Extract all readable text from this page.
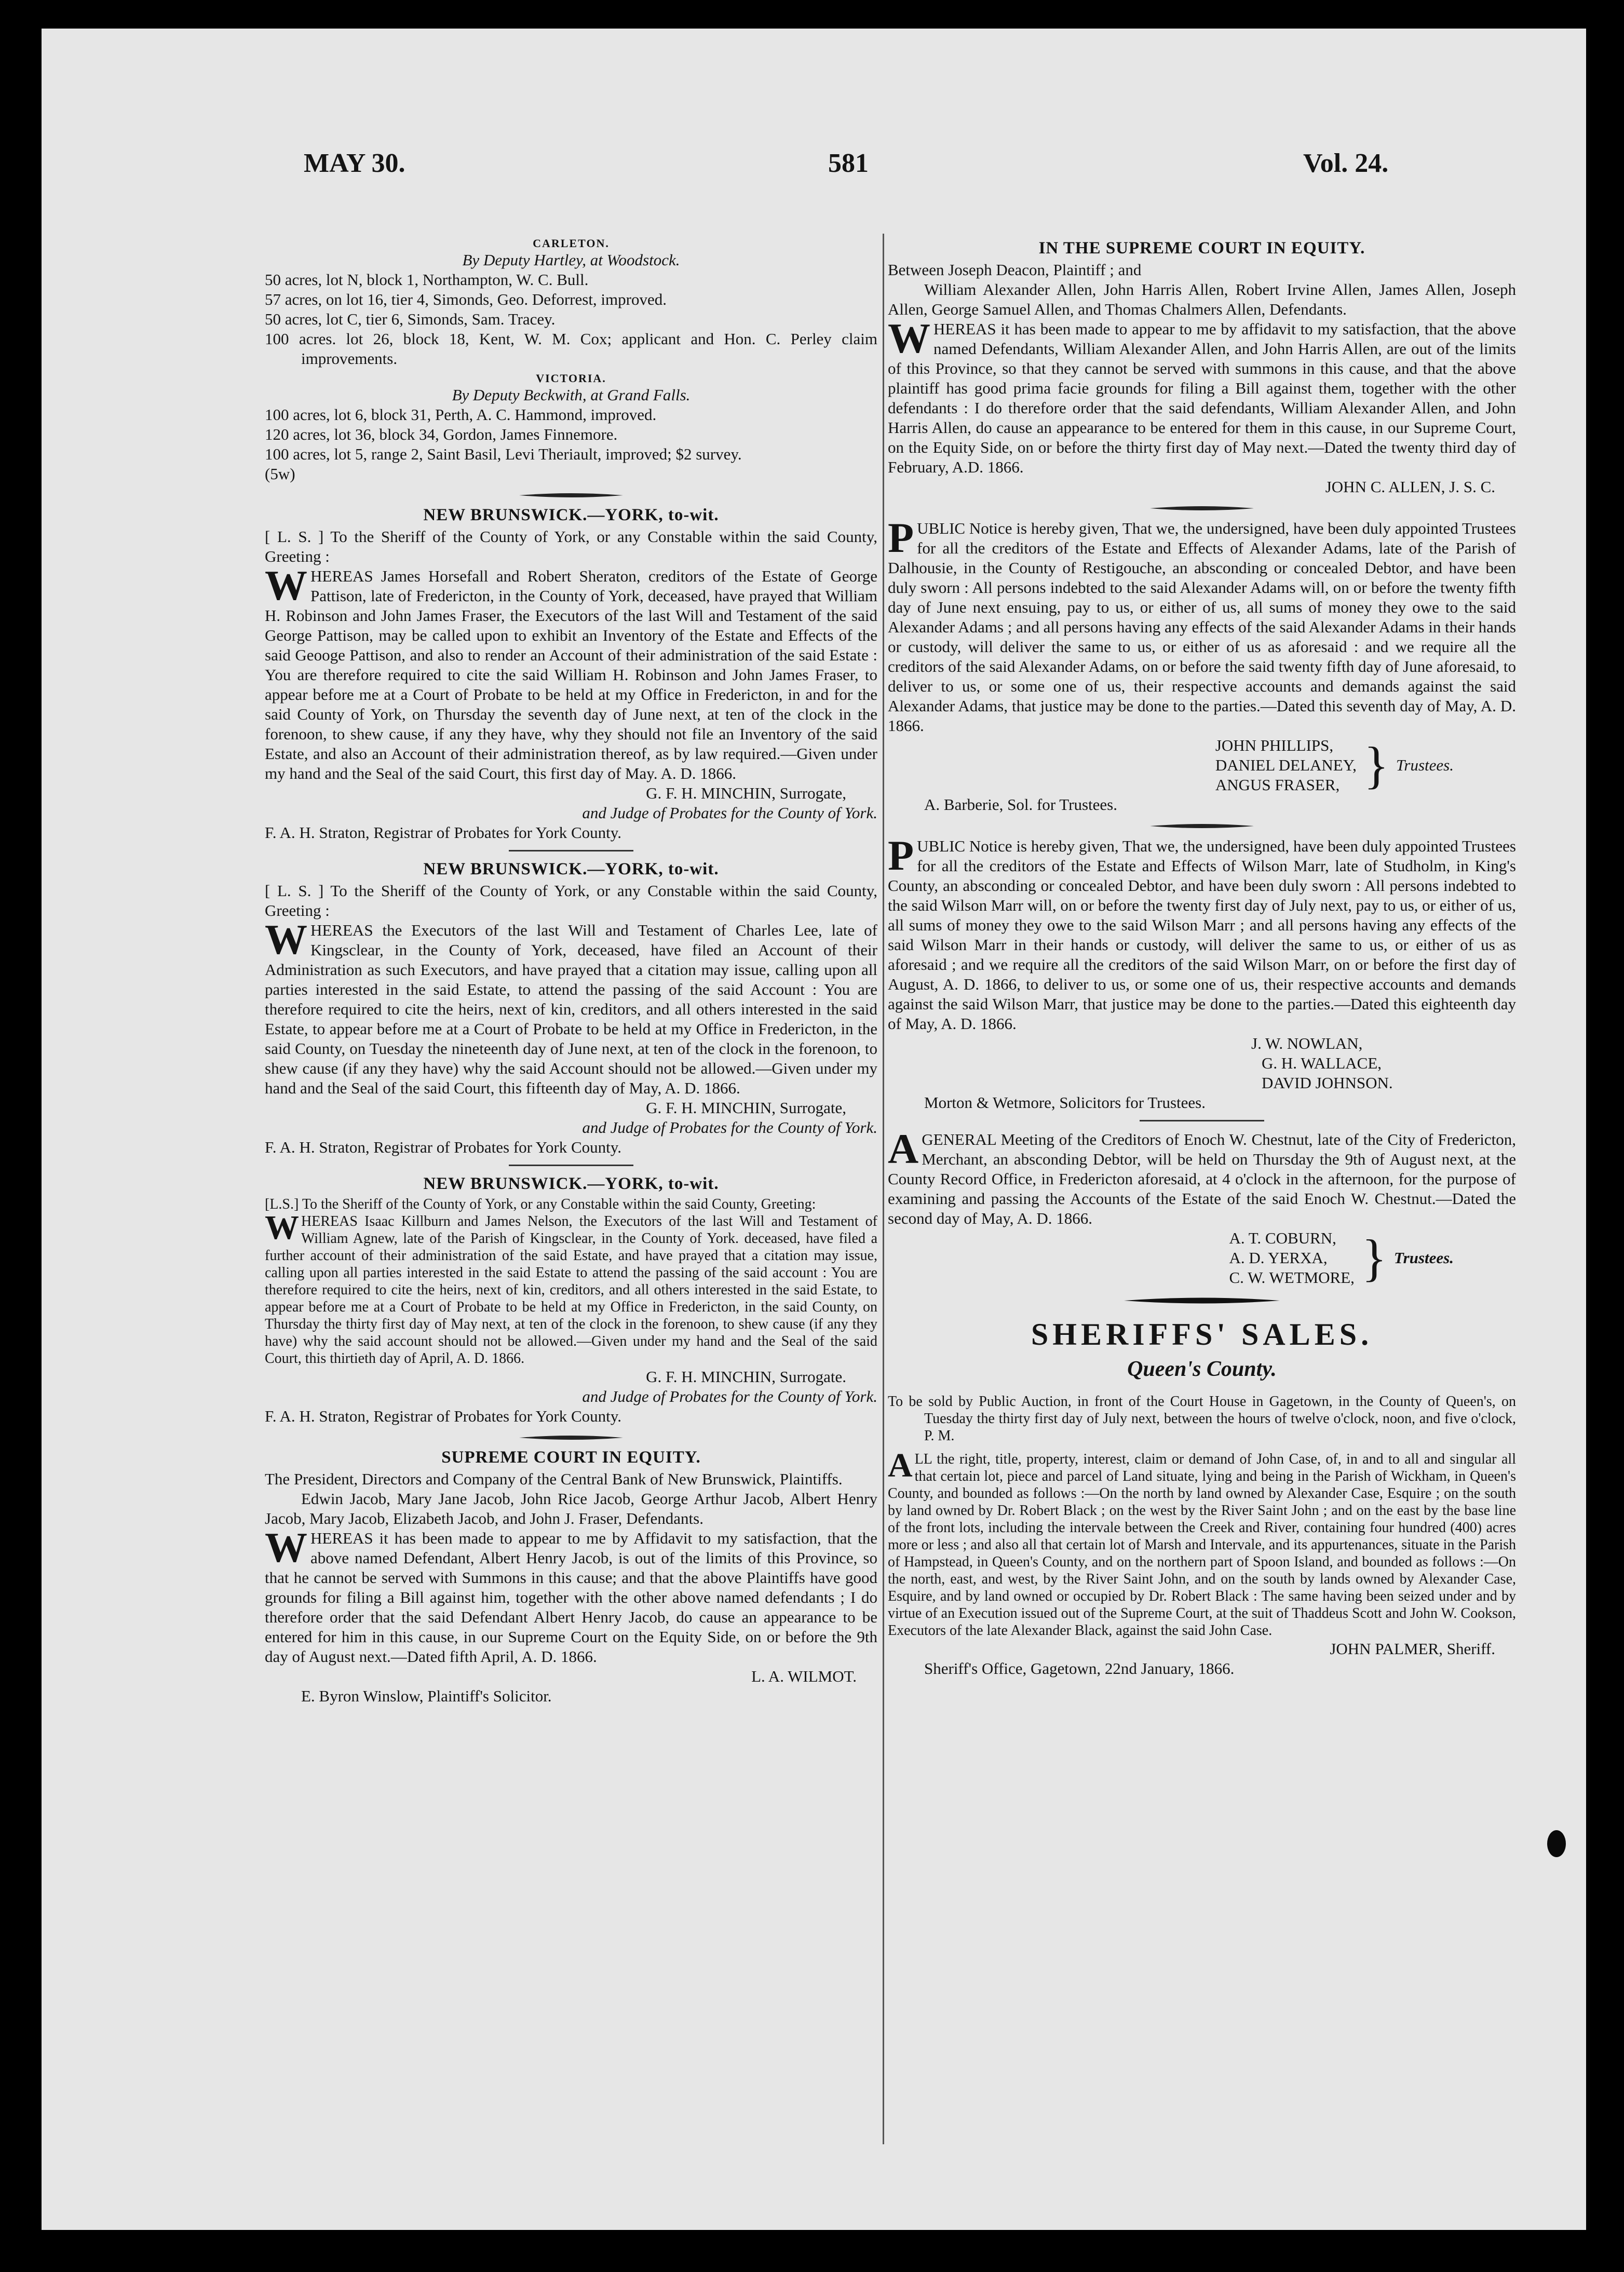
MAY 30.	581	Vol. 24.

CARLETON.

By Deputy Hartley, at Woodstock.

50 acres, lot N, block 1, Northampton, W. C. Bull.

57 acres, on lot 16, tier 4, Simonds, Geo. Deforrest, improved.

50 acres, lot C, tier 6, Simonds, Sam. Tracey.

100 acres. lot 26, block 18, Kent, W. M. Cox; applicant and Hon. C. Perley claim improvements.

VICTORIA.

By Deputy Beckwith, at Grand Falls.

100 acres, lot 6, block 31, Perth, A. C. Hammond, improved.

120 acres, lot 36, block 34, Gordon, James Finnemore.

100 acres, lot 5, range 2, Saint Basil, Levi Theriault, improved; $2 survey.

(5w)

NEW BRUNSWICK.—YORK, to-wit.

[ L. S. ] To the Sheriff of the County of York, or any Constable within the said County, Greeting :

WHEREAS James Horsefall and Robert Sheraton, creditors of the Estate of George Pattison, late of Fredericton, in the County of York, deceased, have prayed that William H. Robinson and John James Fraser, the Executors of the last Will and Testament of the said George Pattison, may be called upon to exhibit an Inventory of the Estate and Effects of the said Geooge Pattison, and also to render an Account of their administration of the said Estate : You are therefore required to cite the said William H. Robinson and John James Fraser, to appear before me at a Court of Probate to be held at my Office in Fredericton, in and for the said County of York, on Thursday the seventh day of June next, at ten of the clock in the forenoon, to shew cause, if any they have, why they should not file an Inventory of the said Estate, and also an Account of their administration thereof, as by law required.—Given under my hand and the Seal of the said Court, this first day of May. A. D. 1866.

G. F. H. MINCHIN, Surrogate,

and Judge of Probates for the County of York.

F. A. H. Straton, Registrar of Probates for York County.

NEW BRUNSWICK.—YORK, to-wit.

[ L. S. ] To the Sheriff of the County of York, or any Constable within the said County, Greeting :

WHEREAS the Executors of the last Will and Testament of Charles Lee, late of Kingsclear, in the County of York, deceased, have filed an Account of their Administration as such Executors, and have prayed that a citation may issue, calling upon all parties interested in the said Estate, to attend the passing of the said Account : You are therefore required to cite the heirs, next of kin, creditors, and all others interested in the said Estate, to appear before me at a Court of Probate to be held at my Office in Fredericton, in the said County, on Tuesday the nineteenth day of June next, at ten of the clock in the forenoon, to shew cause (if any they have) why the said Account should not be allowed.—Given under my hand and the Seal of the said Court, this fifteenth day of May, A. D. 1866.

G. F. H. MINCHIN, Surrogate,

and Judge of Probates for the County of York.

F. A. H. Straton, Registrar of Probates for York County.

NEW BRUNSWICK.—YORK, to-wit.

[L.S.] To the Sheriff of the County of York, or any Constable within the said County, Greeting:

WHEREAS Isaac Killburn and James Nelson, the Executors of the last Will and Testament of William Agnew, late of the Parish of Kingsclear, in the County of York. deceased, have filed a further account of their administration of the said Estate, and have prayed that a citation may issue, calling upon all parties interested in the said Estate to attend the passing of the said account : You are therefore required to cite the heirs, next of kin, creditors, and all others interested in the said Estate, to appear before me at a Court of Probate to be held at my Office in Fredericton, in the said County, on Thursday the thirty first day of May next, at ten of the clock in the forenoon, to shew cause (if any they have) why the said account should not be allowed.—Given under my hand and the Seal of the said Court, this thirtieth day of April, A. D. 1866.

G. F. H. MINCHIN, Surrogate.

and Judge of Probates for the County of York.

F. A. H. Straton, Registrar of Probates for York County.

SUPREME COURT IN EQUITY.

The President, Directors and Company of the Central Bank of New Brunswick, Plaintiffs.

Edwin Jacob, Mary Jane Jacob, John Rice Jacob, George Arthur Jacob, Albert Henry Jacob, Mary Jacob, Elizabeth Jacob, and John J. Fraser, Defendants.

WHEREAS it has been made to appear to me by Affidavit to my satisfaction, that the above named Defendant, Albert Henry Jacob, is out of the limits of this Province, so that he cannot be served with Summons in this cause; and that the above Plaintiffs have good grounds for filing a Bill against him, together with the other above named defendants ; I do therefore order that the said Defendant Albert Henry Jacob, do cause an appearance to be entered for him in this cause, in our Supreme Court on the Equity Side, on or before the 9th day of August next.—Dated fifth April, A. D. 1866.

L. A. WILMOT.

E. Byron Winslow, Plaintiff's Solicitor.

IN THE SUPREME COURT IN EQUITY.

Between Joseph Deacon, Plaintiff ; and

William Alexander Allen, John Harris Allen, Robert Irvine Allen, James Allen, Joseph Allen, George Samuel Allen, and Thomas Chalmers Allen, Defendants.

WHEREAS it has been made to appear to me by affidavit to my satisfaction, that the above named Defendants, William Alexander Allen, and John Harris Allen, are out of the limits of this Province, so that they cannot be served with summons in this cause, and that the above plaintiff has good prima facie grounds for filing a Bill against them, together with the other defendants : I do therefore order that the said defendants, William Alexander Allen, and John Harris Allen, do cause an appearance to be entered for them in this cause, in our Supreme Court, on the Equity Side, on or before the thirty first day of May next.—Dated the twenty third day of February, A.D. 1866.

JOHN C. ALLEN, J. S. C.

PUBLIC Notice is hereby given, That we, the undersigned, have been duly appointed Trustees for all the creditors of the Estate and Effects of Alexander Adams, late of the Parish of Dalhousie, in the County of Restigouche, an absconding or concealed Debtor, and have been duly sworn : All persons indebted to the said Alexander Adams will, on or before the twenty fifth day of June next ensuing, pay to us, or either of us, all sums of money they owe to the said Alexander Adams ; and all persons having any effects of the said Alexander Adams in their hands or custody, will deliver the same to us, or either of us as aforesaid : and we require all the creditors of the said Alexander Adams, on or before the said twenty fifth day of June aforesaid, to deliver to us, or some one of us, their respective accounts and demands against the said Alexander Adams, that justice may be done to the parties.—Dated this seventh day of May, A. D. 1866.

JOHN PHILLIPS,

DANIEL DELANEY,

ANGUS FRASER, } Trustees.

A. Barberie, Sol. for Trustees.

PUBLIC Notice is hereby given, That we, the undersigned, have been duly appointed Trustees for all the creditors of the Estate and Effects of Wilson Marr, late of Studholm, in King's County, an absconding or concealed Debtor, and have been duly sworn : All persons indebted to the said Wilson Marr will, on or before the twenty first day of July next, pay to us, or either of us, all sums of money they owe to the said Wilson Marr ; and all persons having any effects of the said Wilson Marr in their hands or custody, will deliver the same to us, or either of us as aforesaid ; and we require all the creditors of the said Wilson Marr, on or before the first day of August, A. D. 1866, to deliver to us, or some one of us, their respective accounts and demands against the said Wilson Marr, that justice may be done to the parties.—Dated this eighteenth day of May, A. D. 1866.

J. W. NOWLAN,

G. H. WALLACE,

DAVID JOHNSON.

Morton & Wetmore, Solicitors for Trustees.

AGENERAL Meeting of the Creditors of Enoch W. Chestnut, late of the City of Fredericton, Merchant, an absconding Debtor, will be held on Thursday the 9th of August next, at the County Record Office, in Fredericton aforesaid, at 4 o'clock in the afternoon, for the purpose of examining and passing the Accounts of the Estate of the said Enoch W. Chestnut.—Dated the second day of May, A. D. 1866.

A. T. COBURN,

A. D. YERXA,

C. W. WETMORE, } Trustees.

SHERIFFS' SALES.

Queen's County.

To be sold by Public Auction, in front of the Court House in Gagetown, in the County of Queen's, on Tuesday the thirty first day of July next, between the hours of twelve o'clock, noon, and five o'clock, P. M.

ALL the right, title, property, interest, claim or demand of John Case, of, in and to all and singular all that certain lot, piece and parcel of Land situate, lying and being in the Parish of Wickham, in Queen's County, and bounded as follows :—On the north by land owned by Alexander Case, Esquire ; on the south by land owned by Dr. Robert Black ; on the west by the River Saint John ; and on the east by the base line of the front lots, including the intervale between the Creek and River, containing four hundred (400) acres more or less ; and also all that certain lot of Marsh and Intervale, and its appurtenances, situate in the Parish of Hampstead, in Queen's County, and on the northern part of Spoon Island, and bounded as follows :—On the north, east, and west, by the River Saint John, and on the south by lands owned by Alexander Case, Esquire, and by land owned or occupied by Dr. Robert Black : The same having been seized under and by virtue of an Execution issued out of the Supreme Court, at the suit of Thaddeus Scott and John W. Cookson, Executors of the late Alexander Black, against the said John Case.

JOHN PALMER, Sheriff.

Sheriff's Office, Gagetown, 22nd January, 1866.
